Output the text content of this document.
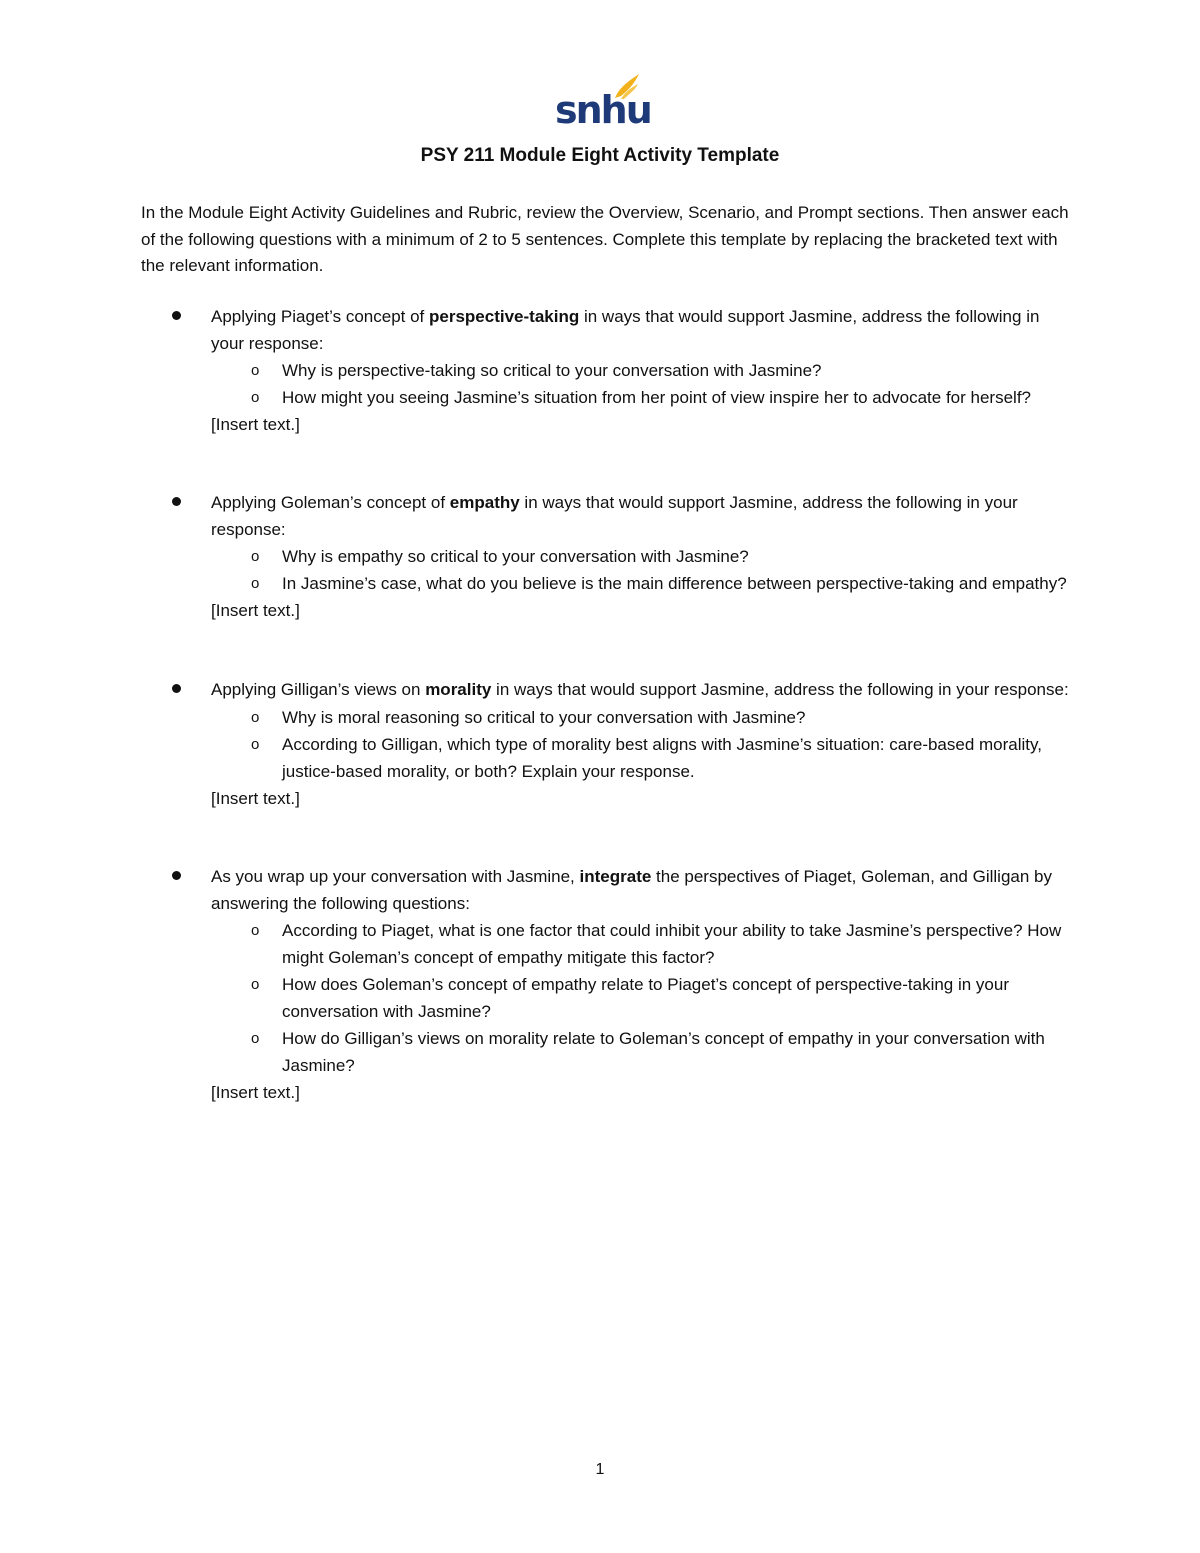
snhu
PSY 211 Module Eight Activity Template
In the Module Eight Activity Guidelines and Rubric, review the Overview, Scenario, and Prompt sections. Then answer each of the following questions with a minimum of 2 to 5 sentences. Complete this template by replacing the bracketed text with the relevant information.
Applying Piaget’s concept of perspective-taking in ways that would support Jasmine, address the following in your response:
o Why is perspective-taking so critical to your conversation with Jasmine?
o How might you seeing Jasmine’s situation from her point of view inspire her to advocate for herself?
[Insert text.]
Applying Goleman’s concept of empathy in ways that would support Jasmine, address the following in your response:
o Why is empathy so critical to your conversation with Jasmine?
o In Jasmine’s case, what do you believe is the main difference between perspective-taking and empathy?
[Insert text.]
Applying Gilligan’s views on morality in ways that would support Jasmine, address the following in your response:
o Why is moral reasoning so critical to your conversation with Jasmine?
o According to Gilligan, which type of morality best aligns with Jasmine’s situation: care-based morality, justice-based morality, or both? Explain your response.
[Insert text.]
As you wrap up your conversation with Jasmine, integrate the perspectives of Piaget, Goleman, and Gilligan by answering the following questions:
o According to Piaget, what is one factor that could inhibit your ability to take Jasmine’s perspective? How might Goleman’s concept of empathy mitigate this factor?
o How does Goleman’s concept of empathy relate to Piaget’s concept of perspective-taking in your conversation with Jasmine?
o How do Gilligan’s views on morality relate to Goleman’s concept of empathy in your conversation with Jasmine?
[Insert text.]
1
